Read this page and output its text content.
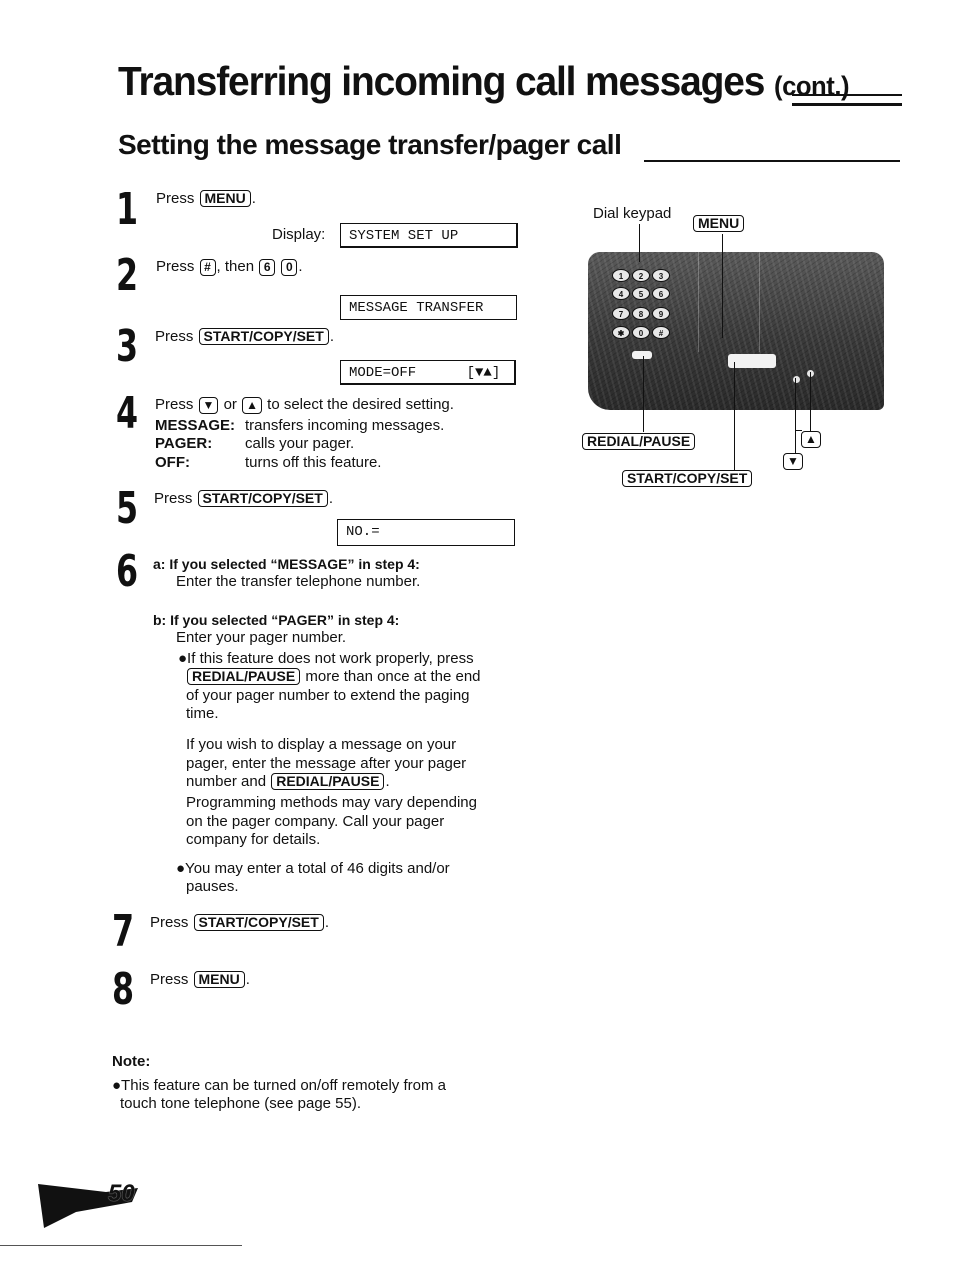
Transferring incoming call messages (cont.)
Setting the message transfer/pager call
1 Press MENU .
Display:	SYSTEM SET UP
2 Press # , then 6 0 .
MESSAGE TRANSFER
3 Press START/COPY/SET .
MODE=OFF      [▼▲]
4 Press ▼ or ▲ to select the desired setting.
MESSAGE: transfers incoming messages.
PAGER: calls your pager.
OFF:	turns off this feature.
5 Press START/COPY/SET .
NO.=
6 a: If you selected “MESSAGE” in step 4:
Enter the transfer telephone number.
b: If you selected “PAGER” in step 4:
Enter your pager number.
●If this feature does not work properly, press
REDIAL/PAUSE more than once at the end
of your pager number to extend the paging
time.
If you wish to display a message on your
pager, enter the message after your pager
number and REDIAL/PAUSE .
Programming methods may vary depending
on the pager company. Call your pager
company for details.
●You may enter a total of 46 digits and/or
pauses.
7 Press START/COPY/SET .
8 Press MENU .
Note:
●This feature can be turned on/off remotely from a
touch tone telephone (see page 55).
Dial keypad
MENU
1	2	3
4	5	6
7	8	9
✱	0	#
REDIAL/PAUSE
START/COPY/SET
▲
▼
50
